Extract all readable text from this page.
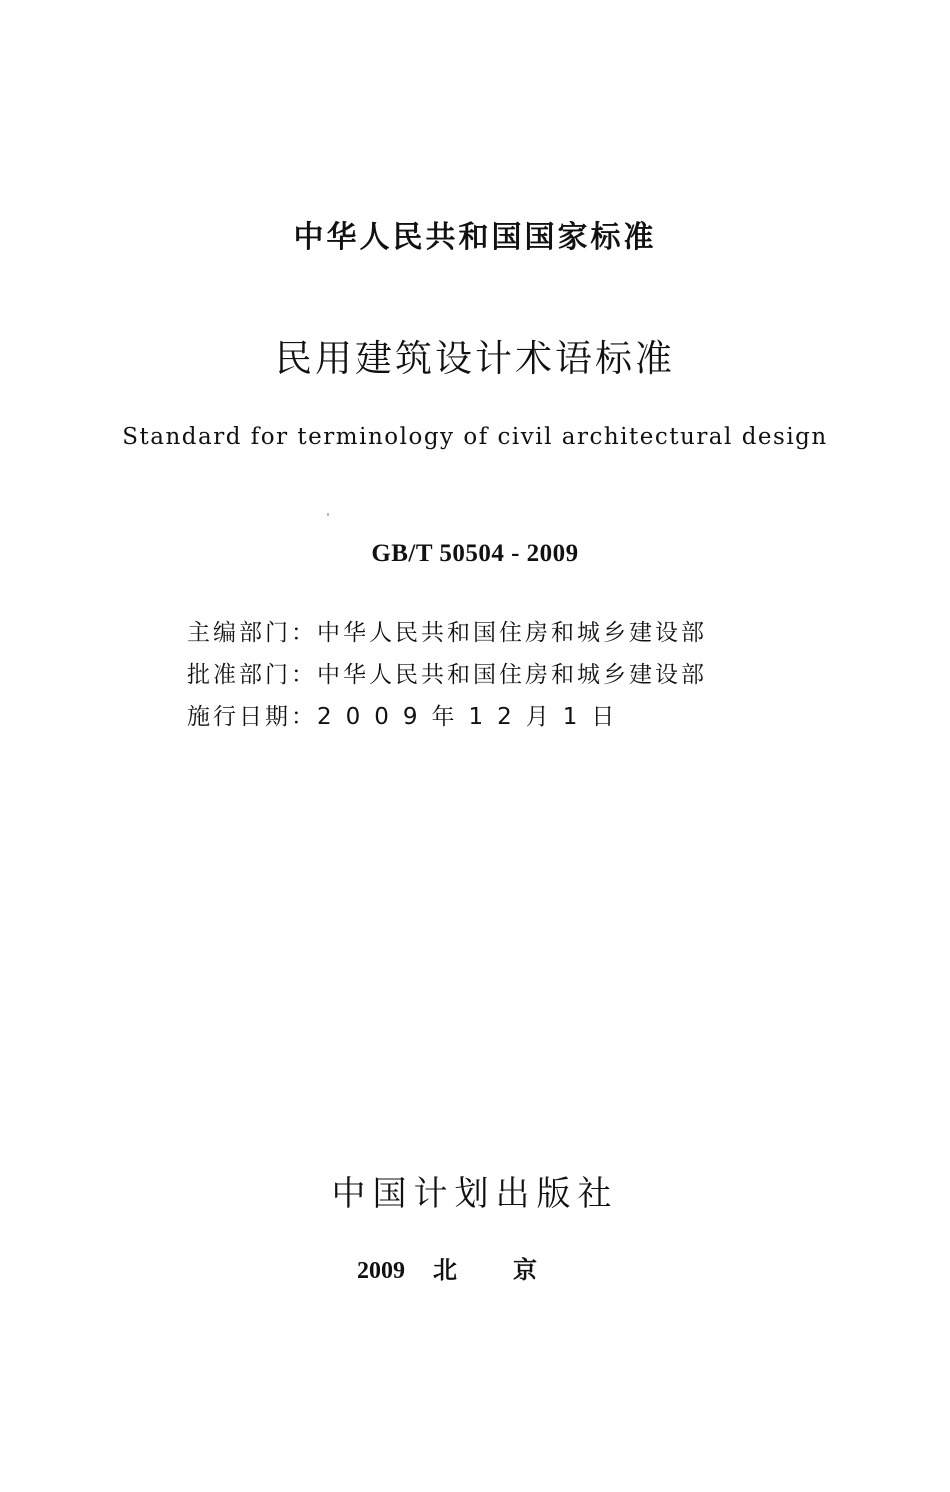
中华人民共和国国家标准
民用建筑设计术语标准
Standard for terminology of civil architectural design
GB/T 50504 - 2009
主编部门：中华人民共和国住房和城乡建设部
批准部门：中华人民共和国住房和城乡建设部
施行日期：2009年12月1日
中国计划出版社
2009 北京
